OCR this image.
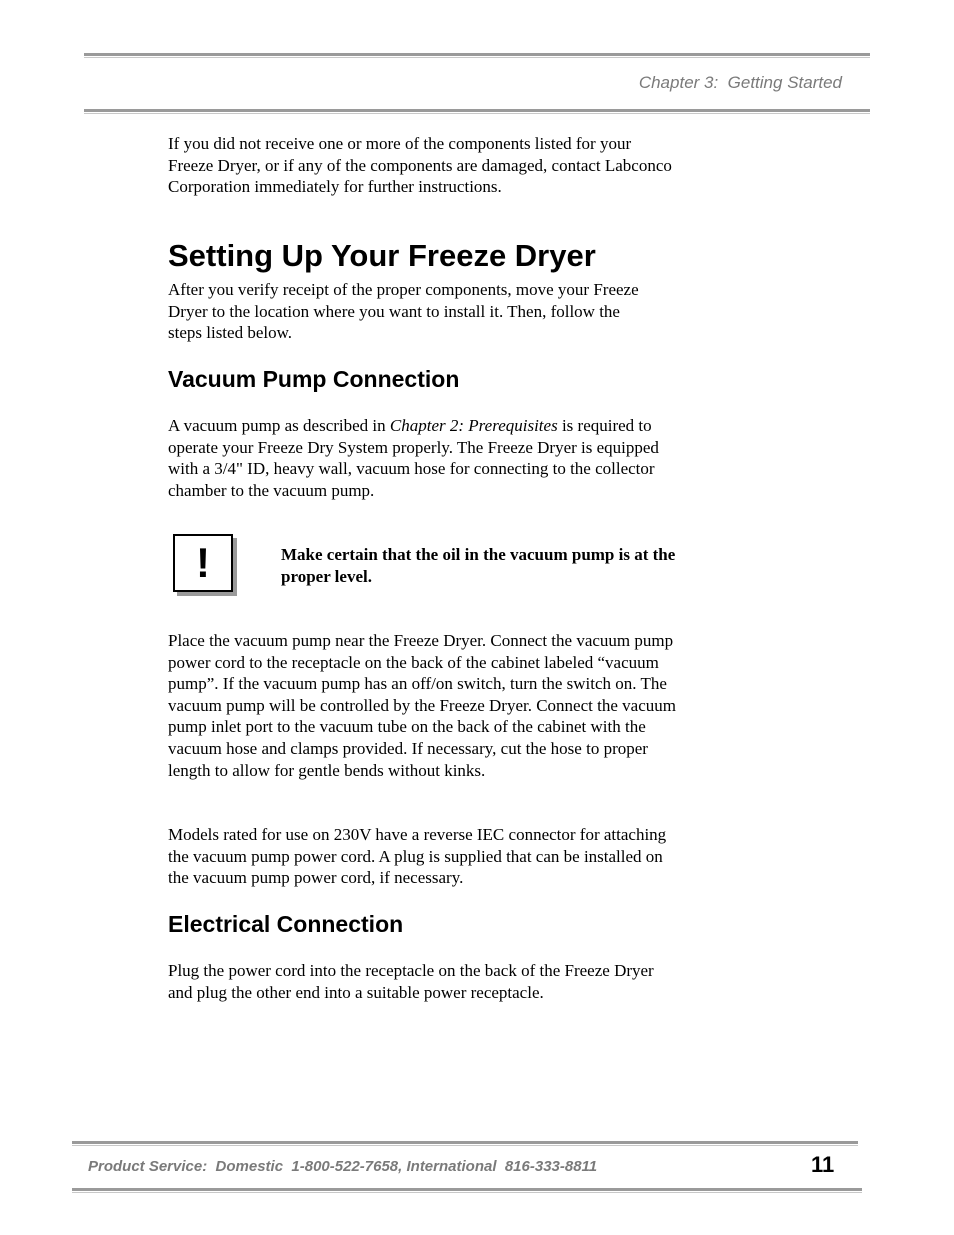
Chapter 3:  Getting Started

If you did not receive one or more of the components listed for your Freeze Dryer, or if any of the components are damaged, contact Labconco Corporation immediately for further instructions.

Setting Up Your Freeze Dryer

After you verify receipt of the proper components, move your Freeze Dryer to the location where you want to install it. Then, follow the steps listed below.

Vacuum Pump Connection

A vacuum pump as described in Chapter 2: Prerequisites is required to operate your Freeze Dry System properly. The Freeze Dryer is equipped with a 3/4" ID, heavy wall, vacuum hose for connecting to the collector chamber to the vacuum pump.

!	Make certain that the oil in the vacuum pump is at the proper level.

Place the vacuum pump near the Freeze Dryer. Connect the vacuum pump power cord to the receptacle on the back of the cabinet labeled “vacuum pump”. If the vacuum pump has an off/on switch, turn the switch on. The vacuum pump will be controlled by the Freeze Dryer. Connect the vacuum pump inlet port to the vacuum tube on the back of the cabinet with the vacuum hose and clamps provided. If necessary, cut the hose to proper length to allow for gentle bends without kinks.

Models rated for use on 230V have a reverse IEC connector for attaching the vacuum pump power cord. A plug is supplied that can be installed on the vacuum pump power cord, if necessary.

Electrical Connection

Plug the power cord into the receptacle on the back of the Freeze Dryer and plug the other end into a suitable power receptacle.

Product Service:  Domestic  1-800-522-7658, International  816-333-8811	11
